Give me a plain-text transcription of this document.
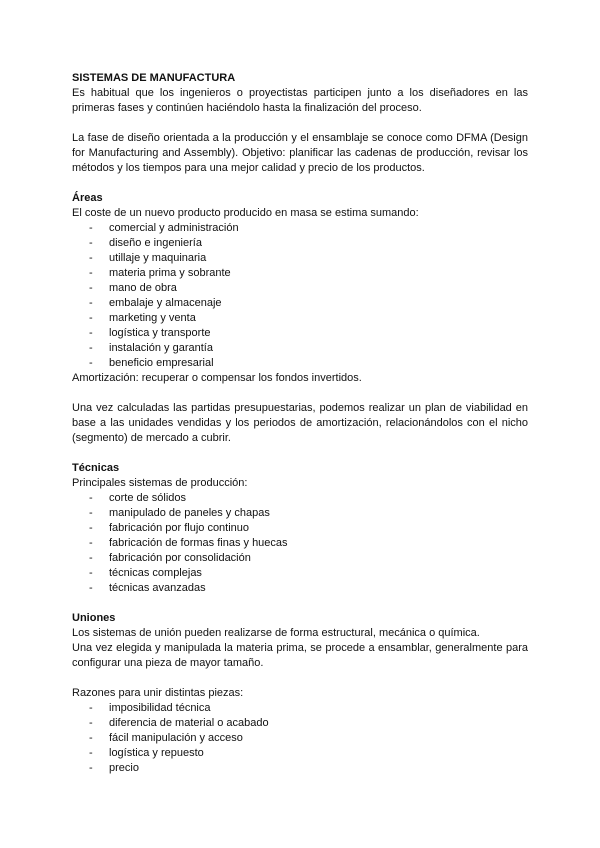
SISTEMAS DE MANUFACTURA

Es habitual que los ingenieros o proyectistas participen junto a los diseñadores en las primeras fases y continúen haciéndolo hasta la finalización del proceso.

La fase de diseño orientada a la producción y el ensamblaje se conoce como DFMA (Design for Manufacturing and Assembly). Objetivo: planificar las cadenas de producción, revisar los métodos y los tiempos para una mejor calidad y precio de los productos.

Áreas

El coste de un nuevo producto producido en masa se estima sumando:

- comercial y administración
- diseño e ingeniería
- utillaje y maquinaria
- materia prima y sobrante
- mano de obra
- embalaje y almacenaje
- marketing y venta
- logística y transporte
- instalación y garantía
- beneficio empresarial

Amortización: recuperar o compensar los fondos invertidos.

Una vez calculadas las partidas presupuestarias, podemos realizar un plan de viabilidad en base a las unidades vendidas y los periodos de amortización, relacionándolos con el nicho (segmento) de mercado a cubrir.

Técnicas

Principales sistemas de producción:

- corte de sólidos
- manipulado de paneles y chapas
- fabricación por flujo continuo
- fabricación de formas finas y huecas
- fabricación por consolidación
- técnicas complejas
- técnicas avanzadas

Uniones

Los sistemas de unión pueden realizarse de forma estructural, mecánica o química.

Una vez elegida y manipulada la materia prima, se procede a ensamblar, generalmente para configurar una pieza de mayor tamaño.

Razones para unir distintas piezas:

- imposibilidad técnica
- diferencia de material o acabado
- fácil manipulación y acceso
- logística y repuesto
- precio
